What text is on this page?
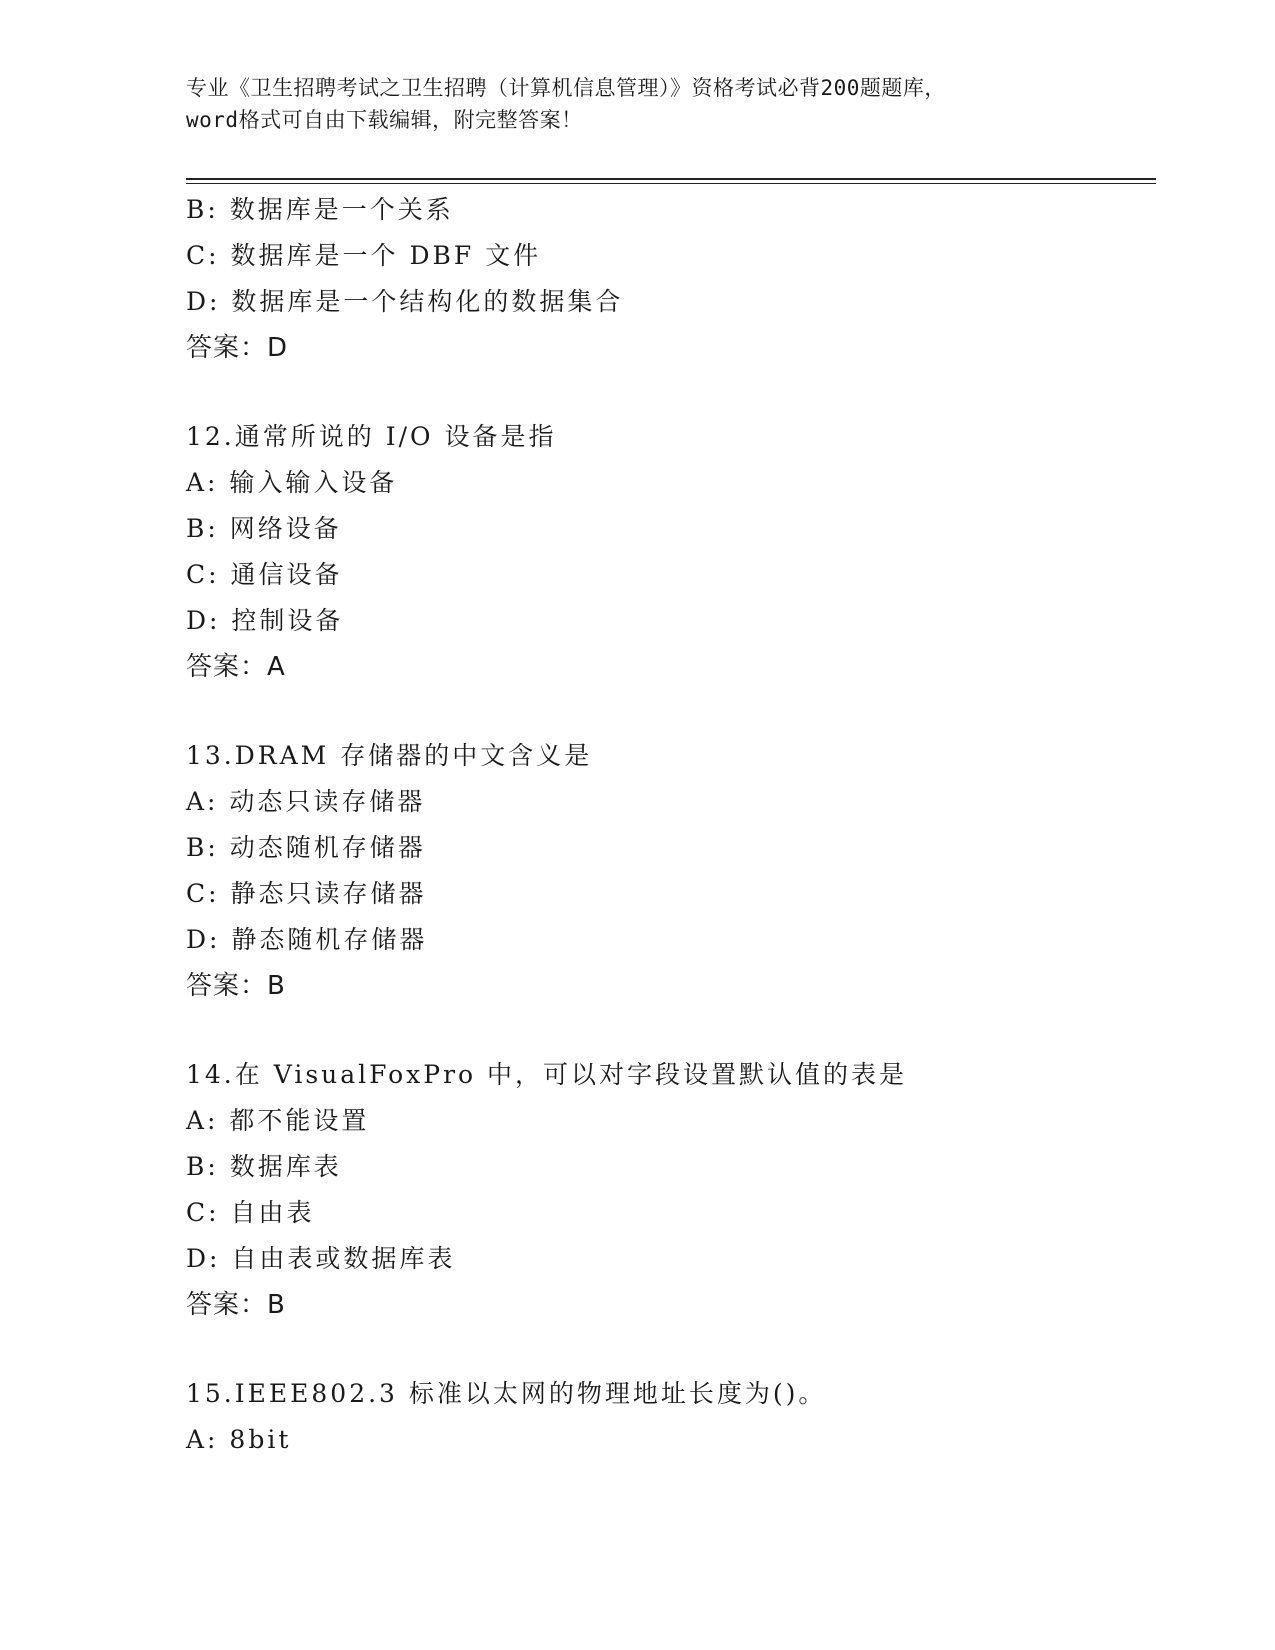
专业《卫生招聘考试之卫生招聘（计算机信息管理）》资格考试必背200题题库，
word格式可自由下载编辑，附完整答案！
B: 数据库是一个关系
C: 数据库是一个 DBF 文件
D: 数据库是一个结构化的数据集合
答案：D
12.通常所说的 I/O 设备是指
A: 输入输入设备
B: 网络设备
C: 通信设备
D: 控制设备
答案：A
13.DRAM 存储器的中文含义是
A: 动态只读存储器
B: 动态随机存储器
C: 静态只读存储器
D: 静态随机存储器
答案：B
14.在 VisualFoxPro 中，可以对字段设置默认值的表是
A: 都不能设置
B: 数据库表
C: 自由表
D: 自由表或数据库表
答案：B
15.IEEE802.3 标准以太网的物理地址长度为()。
A: 8bit
